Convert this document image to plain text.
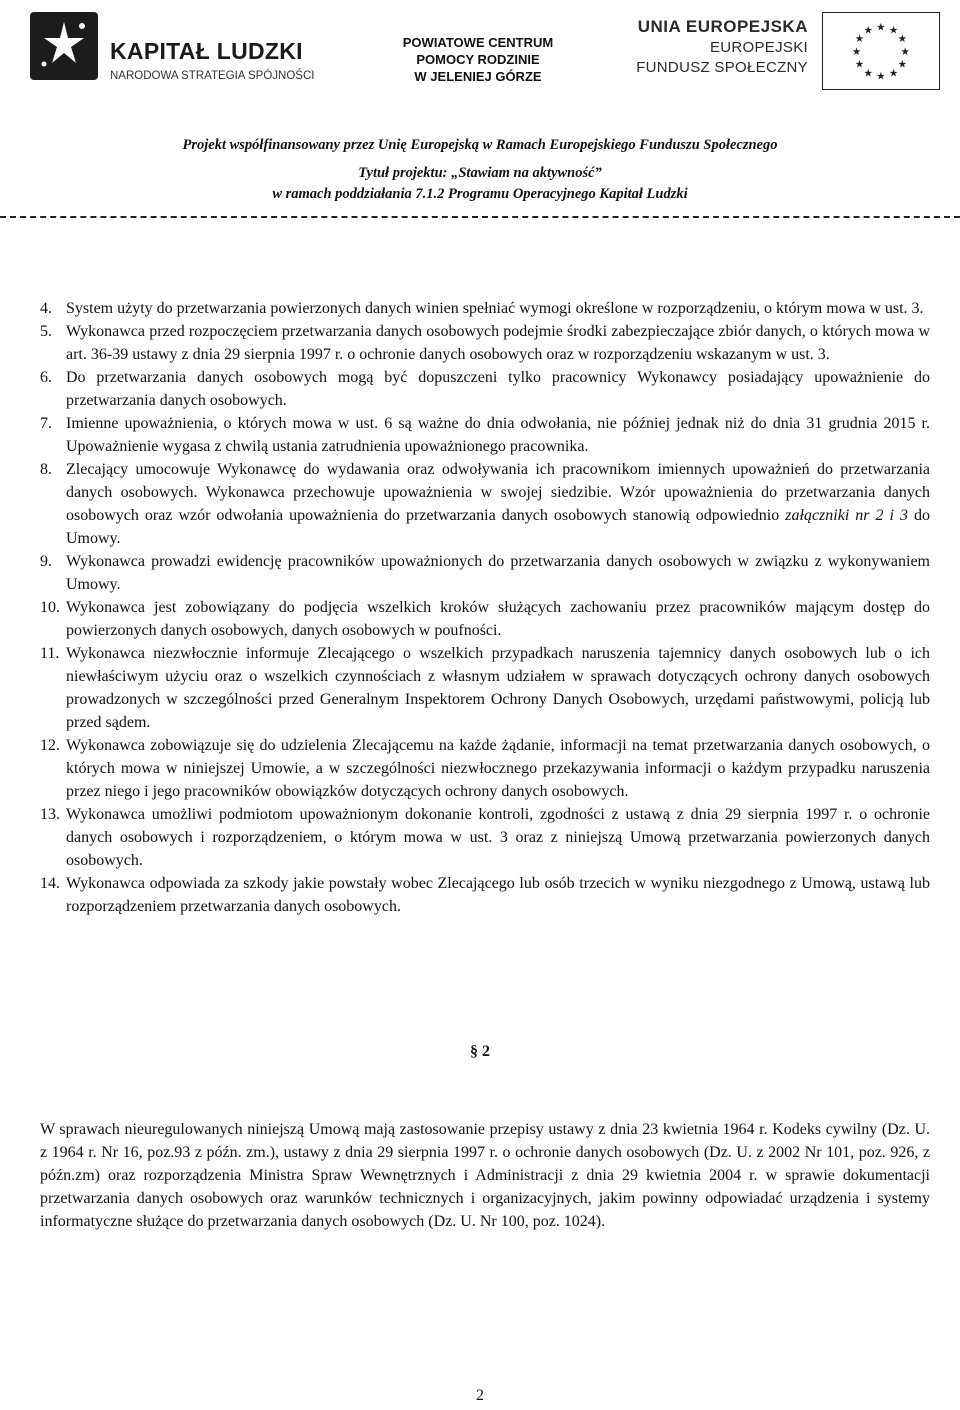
KAPITAŁ LUDZKI
NARODOWA STRATEGIA SPÓJNOŚCI
POWIATOWE CENTRUM
POMOCY RODZINIE
W JELENIEJ GÓRZE
UNIA EUROPEJSKA
EUROPEJSKI
FUNDUSZ SPOŁECZNY
★ ★
★
★
★
★
★
★
★
★
★
★
Projekt współfinansowany przez Unię Europejską w Ramach Europejskiego Funduszu Społecznego
Tytuł projektu: „Stawiam na aktywność”
w ramach poddziałania 7.1.2 Programu Operacyjnego Kapitał Ludzki
4. System użyty do przetwarzania powierzonych danych winien spełniać wymogi określone w rozporządzeniu, o którym mowa w ust. 3.
5. Wykonawca przed rozpoczęciem przetwarzania danych osobowych podejmie środki zabezpieczające zbiór danych, o których mowa w art. 36-39 ustawy z dnia 29 sierpnia 1997 r. o ochronie danych osobowych oraz w rozporządzeniu wskazanym w ust. 3.
6. Do przetwarzania danych osobowych mogą być dopuszczeni tylko pracownicy Wykonawcy posiadający upoważnienie do przetwarzania danych osobowych.
7. Imienne upoważnienia, o których mowa w ust. 6 są ważne do dnia odwołania, nie później jednak niż do dnia 31 grudnia 2015 r. Upoważnienie wygasa z chwilą ustania zatrudnienia upoważnionego pracownika.
8. Zlecający umocowuje Wykonawcę do wydawania oraz odwoływania ich pracownikom imiennych upoważnień do przetwarzania danych osobowych. Wykonawca przechowuje upoważnienia w swojej siedzibie. Wzór upoważnienia do przetwarzania danych osobowych oraz wzór odwołania upoważnienia do przetwarzania danych osobowych stanowią odpowiednio załączniki nr 2 i 3 do Umowy.
9. Wykonawca prowadzi ewidencję pracowników upoważnionych do przetwarzania danych osobowych w związku z wykonywaniem Umowy.
10. Wykonawca jest zobowiązany do podjęcia wszelkich kroków służących zachowaniu przez pracowników mającym dostęp do powierzonych danych osobowych, danych osobowych w poufności.
11. Wykonawca niezwłocznie informuje Zlecającego o wszelkich przypadkach naruszenia tajemnicy danych osobowych lub o ich niewłaściwym użyciu oraz o wszelkich czynnościach z własnym udziałem w sprawach dotyczących ochrony danych osobowych prowadzonych w szczególności przed Generalnym Inspektorem Ochrony Danych Osobowych, urzędami państwowymi, policją lub przed sądem.
12. Wykonawca zobowiązuje się do udzielenia Zlecającemu na każde żądanie, informacji na temat przetwarzania danych osobowych, o których mowa w niniejszej Umowie, a w szczególności niezwłocznego przekazywania informacji o każdym przypadku naruszenia przez niego i jego pracowników obowiązków dotyczących ochrony danych osobowych.
13. Wykonawca umożliwi podmiotom upoważnionym dokonanie kontroli, zgodności z ustawą z dnia 29 sierpnia 1997 r. o ochronie danych osobowych i rozporządzeniem, o którym mowa w ust. 3 oraz z niniejszą Umową przetwarzania powierzonych danych osobowych.
14. Wykonawca odpowiada za szkody jakie powstały wobec Zlecającego lub osób trzecich w wyniku niezgodnego z Umową, ustawą lub rozporządzeniem przetwarzania danych osobowych.
§ 2
W sprawach nieuregulowanych niniejszą Umową mają zastosowanie przepisy ustawy z dnia 23 kwietnia 1964 r. Kodeks cywilny (Dz. U. z 1964 r. Nr 16, poz.93 z późn. zm.), ustawy z dnia 29 sierpnia 1997 r. o ochronie danych osobowych (Dz. U. z 2002 Nr 101, poz. 926, z późn.zm) oraz rozporządzenia Ministra Spraw Wewnętrznych i Administracji z dnia 29 kwietnia 2004 r. w sprawie dokumentacji przetwarzania danych osobowych oraz warunków technicznych i organizacyjnych, jakim powinny odpowiadać urządzenia i systemy informatyczne służące do przetwarzania danych osobowych (Dz. U. Nr 100, poz. 1024).
2
